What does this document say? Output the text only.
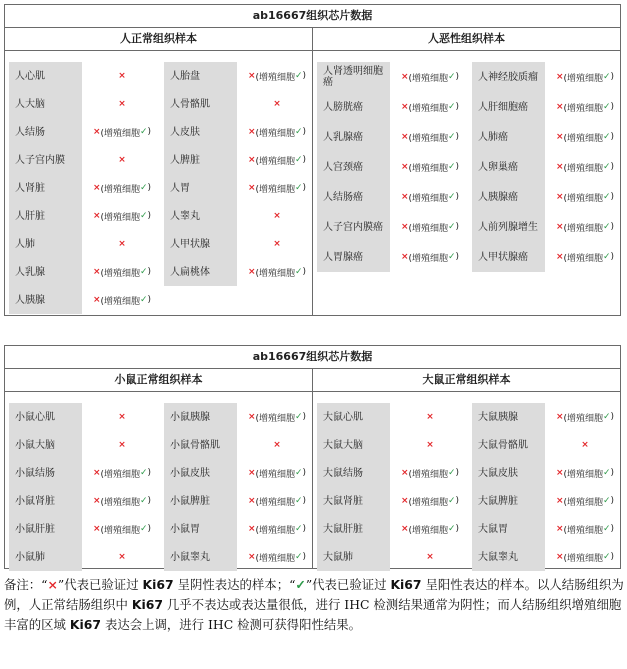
ab16667组织芯片数据
人正常组织样本
人心肌	×
人大脑	×
人结肠	× (增殖细胞 ✓ )
人子宫内膜	×
人肾脏	× (增殖细胞 ✓ )
人肝脏	× (增殖细胞 ✓ )
人肺	×
人乳腺	× (增殖细胞 ✓ )
人胰腺	× (增殖细胞 ✓ )
人胎盘	× (增殖细胞 ✓ )
人骨骼肌	×
人皮肤	× (增殖细胞 ✓ )
人脾脏	× (增殖细胞 ✓ )
人胃	× (增殖细胞 ✓ )
人睾丸	×
人甲状腺	×
人扁桃体	× (增殖细胞 ✓ )
人恶性组织样本
人肾透明细胞癌	× (增殖细胞 ✓ )
人膀胱癌	× (增殖细胞 ✓ )
人乳腺癌	× (增殖细胞 ✓ )
人宫颈癌	× (增殖细胞 ✓ )
人结肠癌	× (增殖细胞 ✓ )
人子宫内膜癌	× (增殖细胞 ✓ )
人胃腺癌	× (增殖细胞 ✓ )
人神经胶质瘤	× (增殖细胞 ✓ )
人肝细胞癌	× (增殖细胞 ✓ )
人肺癌	× (增殖细胞 ✓ )
人卵巢癌	× (增殖细胞 ✓ )
人胰腺癌	× (增殖细胞 ✓ )
人前列腺增生	× (增殖细胞 ✓ )
人甲状腺癌	× (增殖细胞 ✓ )
ab16667组织芯片数据
小鼠正常组织样本
小鼠心肌	×
小鼠大脑	×
小鼠结肠	× (增殖细胞 ✓ )
小鼠肾脏	× (增殖细胞 ✓ )
小鼠肝脏	× (增殖细胞 ✓ )
小鼠肺	×
小鼠胰腺	× (增殖细胞 ✓ )
小鼠骨骼肌	×
小鼠皮肤	× (增殖细胞 ✓ )
小鼠脾脏	× (增殖细胞 ✓ )
小鼠胃	× (增殖细胞 ✓ )
小鼠睾丸	× (增殖细胞 ✓ )
大鼠正常组织样本
大鼠心肌	×
大鼠大脑	×
大鼠结肠	× (增殖细胞 ✓ )
大鼠肾脏	× (增殖细胞 ✓ )
大鼠肝脏	× (增殖细胞 ✓ )
大鼠肺	×
大鼠胰腺	× (增殖细胞 ✓ )
大鼠骨骼肌	×
大鼠皮肤	× (增殖细胞 ✓ )
大鼠脾脏	× (增殖细胞 ✓ )
大鼠胃	× (增殖细胞 ✓ )
大鼠睾丸	× (增殖细胞 ✓ )
备注：“×”代表已验证过 Ki67 呈阴性表达的样本；“✓”代表已验证过 Ki67 呈阳性表达的样本。以人结肠组织为例，人正常结肠组织中 Ki67 几乎不表达或表达量很低，进行 IHC 检测结果通常为阴性；而人结肠组织增殖细胞丰富的区域 Ki67 表达会上调，进行 IHC 检测可获得阳性结果。
